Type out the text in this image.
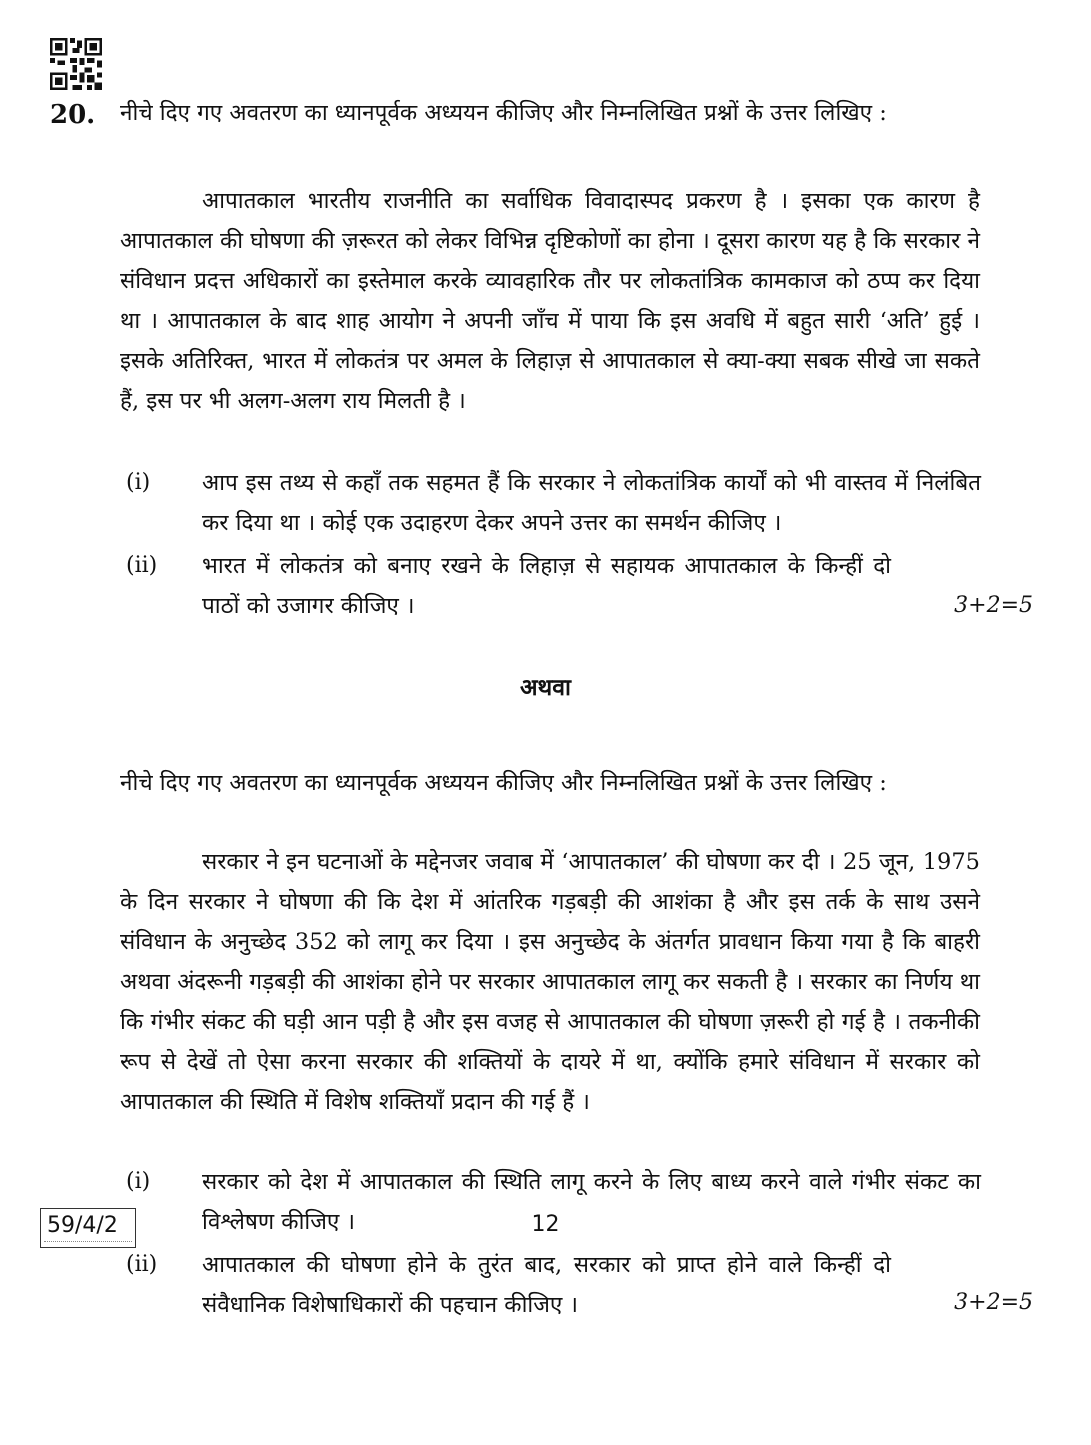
20. नीचे दिए गए अवतरण का ध्यानपूर्वक अध्ययन कीजिए और निम्नलिखित प्रश्नों के उत्तर लिखिए :
आपातकाल भारतीय राजनीति का सर्वाधिक विवादास्पद प्रकरण है । इसका एक कारण है आपातकाल की घोषणा की ज़रूरत को लेकर विभिन्न दृष्टिकोणों का होना । दूसरा कारण यह है कि सरकार ने संविधान प्रदत्त अधिकारों का इस्तेमाल करके व्यावहारिक तौर पर लोकतांत्रिक कामकाज को ठप्प कर दिया था । आपातकाल के बाद शाह आयोग ने अपनी जाँच में पाया कि इस अवधि में बहुत सारी ‘अति’ हुई । इसके अतिरिक्त, भारत में लोकतंत्र पर अमल के लिहाज़ से आपातकाल से क्या-क्या सबक सीखे जा सकते हैं, इस पर भी अलग-अलग राय मिलती है ।
(i) आप इस तथ्य से कहाँ तक सहमत हैं कि सरकार ने लोकतांत्रिक कार्यों को भी वास्तव में निलंबित कर दिया था । कोई एक उदाहरण देकर अपने उत्तर का समर्थन कीजिए ।
(ii) भारत में लोकतंत्र को बनाए रखने के लिहाज़ से सहायक आपातकाल के किन्हीं दो पाठों को उजागर कीजिए ।	3+2=5
अथवा
नीचे दिए गए अवतरण का ध्यानपूर्वक अध्ययन कीजिए और निम्नलिखित प्रश्नों के उत्तर लिखिए :
सरकार ने इन घटनाओं के मद्देनजर जवाब में ‘आपातकाल’ की घोषणा कर दी । 25 जून, 1975 के दिन सरकार ने घोषणा की कि देश में आंतरिक गड़बड़ी की आशंका है और इस तर्क के साथ उसने संविधान के अनुच्छेद 352 को लागू कर दिया । इस अनुच्छेद के अंतर्गत प्रावधान किया गया है कि बाहरी अथवा अंदरूनी गड़बड़ी की आशंका होने पर सरकार आपातकाल लागू कर सकती है । सरकार का निर्णय था कि गंभीर संकट की घड़ी आन पड़ी है और इस वजह से आपातकाल की घोषणा ज़रूरी हो गई है । तकनीकी रूप से देखें तो ऐसा करना सरकार की शक्तियों के दायरे में था, क्योंकि हमारे संविधान में सरकार को आपातकाल की स्थिति में विशेष शक्तियाँ प्रदान की गई हैं ।
(i) सरकार को देश में आपातकाल की स्थिति लागू करने के लिए बाध्य करने वाले गंभीर संकट का विश्लेषण कीजिए ।
(ii) आपातकाल की घोषणा होने के तुरंत बाद, सरकार को प्राप्त होने वाले किन्हीं दो संवैधानिक विशेषाधिकारों की पहचान कीजिए ।	3+2=5
59/4/2	12
